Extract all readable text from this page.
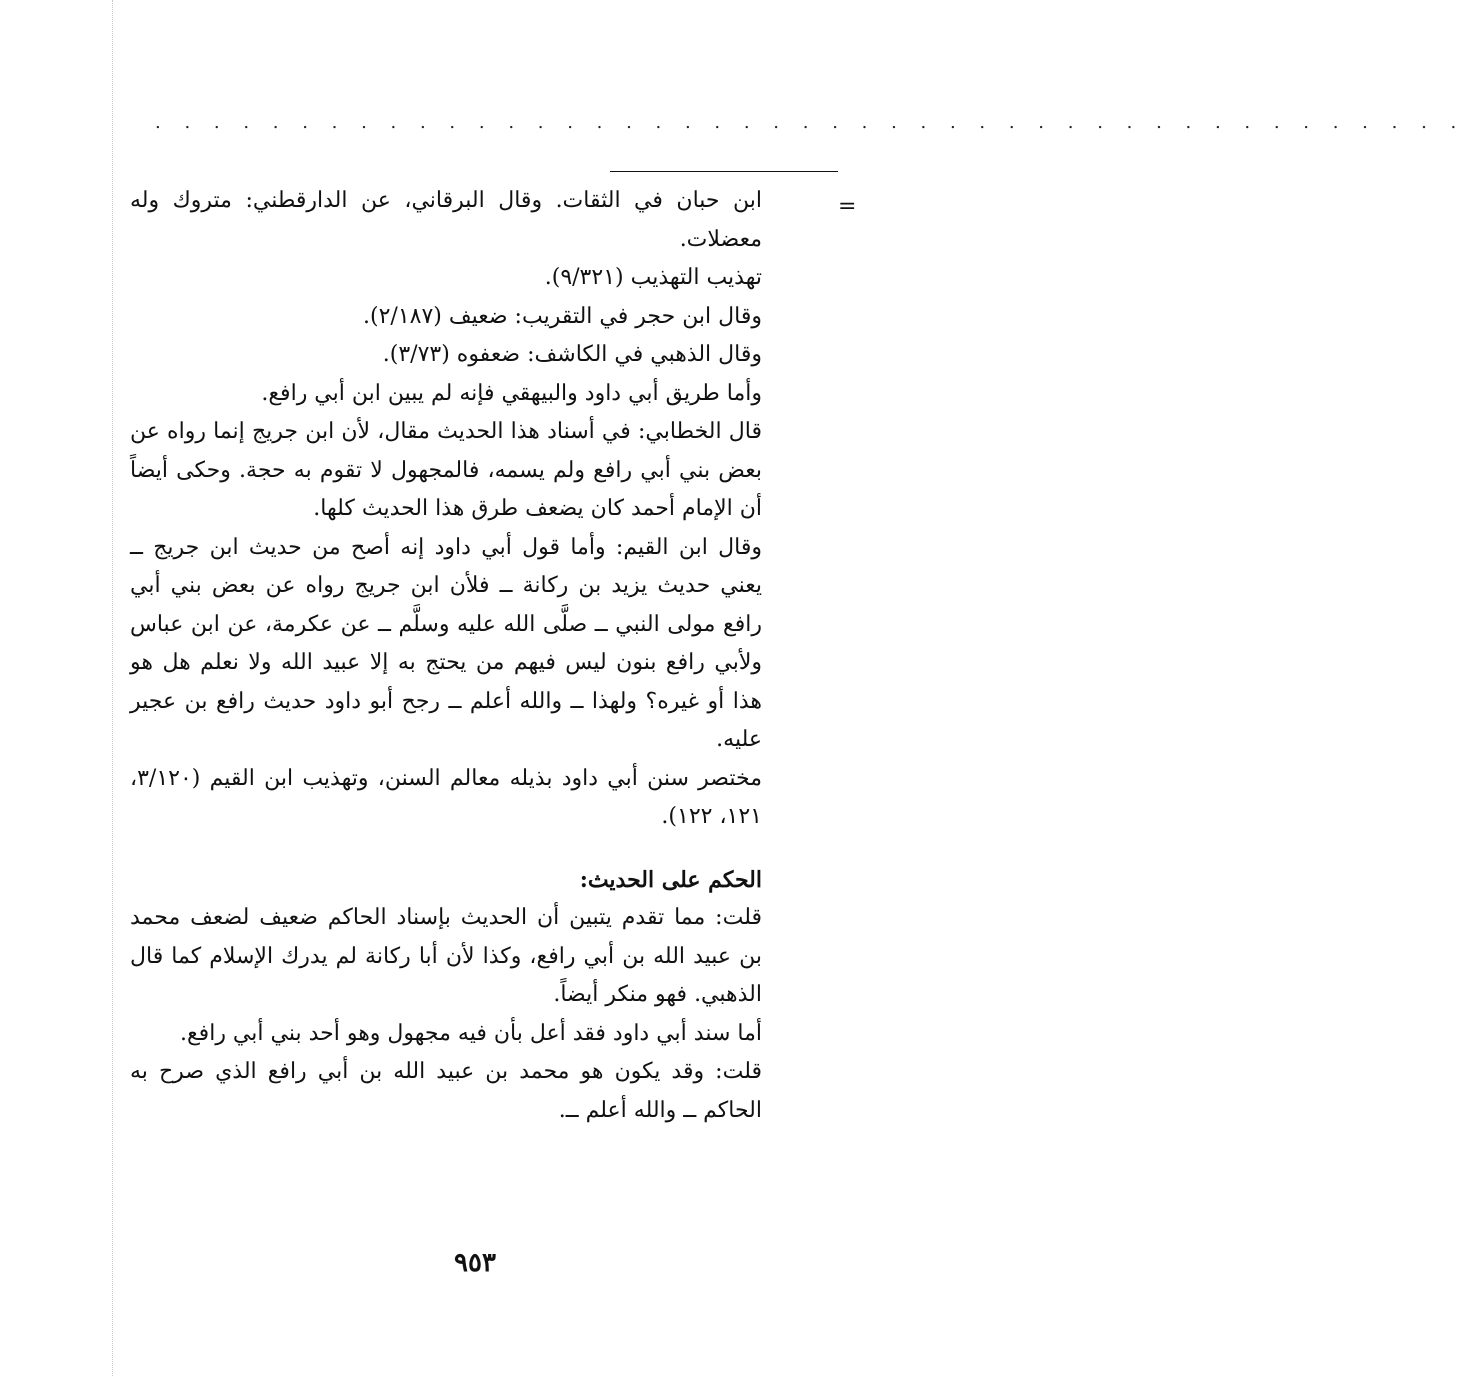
. . . . . . . . . . . . . . . . . . . . . . . . . . . . . . . . . . . . . . . . . . . . .
=

ابن حبان في الثقات. وقال البرقاني، عن الدارقطني: متروك وله معضلات.

تهذيب التهذيب (٩/٣٢١).

وقال ابن حجر في التقريب: ضعيف (٢/١٨٧).

وقال الذهبي في الكاشف: ضعفوه (٣/٧٣).

وأما طريق أبي داود والبيهقي فإنه لم يبين ابن أبي رافع.

قال الخطابي: في أسناد هذا الحديث مقال، لأن ابن جريج إنما رواه عن بعض بني أبي رافع ولم يسمه، فالمجهول لا تقوم به حجة. وحكى أيضاً أن الإمام أحمد كان يضعف طرق هذا الحديث كلها.

وقال ابن القيم: وأما قول أبي داود إنه أصح من حديث ابن جريج ــ يعني حديث يزيد بن ركانة ــ فلأن ابن جريج رواه عن بعض بني أبي رافع مولى النبي ــ صلَّى الله عليه وسلَّم ــ عن عكرمة، عن ابن عباس ولأبي رافع بنون ليس فيهم من يحتج به إلا عبيد الله ولا نعلم هل هو هذا أو غيره؟ ولهذا ــ والله أعلم ــ رجح أبو داود حديث رافع بن عجير عليه.

مختصر سنن أبي داود بذيله معالم السنن، وتهذيب ابن القيم (٣/١٢٠، ١٢١، ١٢٢).

الحكم على الحديث:

قلت: مما تقدم يتبين أن الحديث بإسناد الحاكم ضعيف لضعف محمد بن عبيد الله بن أبي رافع، وكذا لأن أبا ركانة لم يدرك الإسلام كما قال الذهبي. فهو منكر أيضاً.

أما سند أبي داود فقد أعل بأن فيه مجهول وهو أحد بني أبي رافع.

قلت: وقد يكون هو محمد بن عبيد الله بن أبي رافع الذي صرح به الحاكم ــ والله أعلم ــ.

٩٥٣
